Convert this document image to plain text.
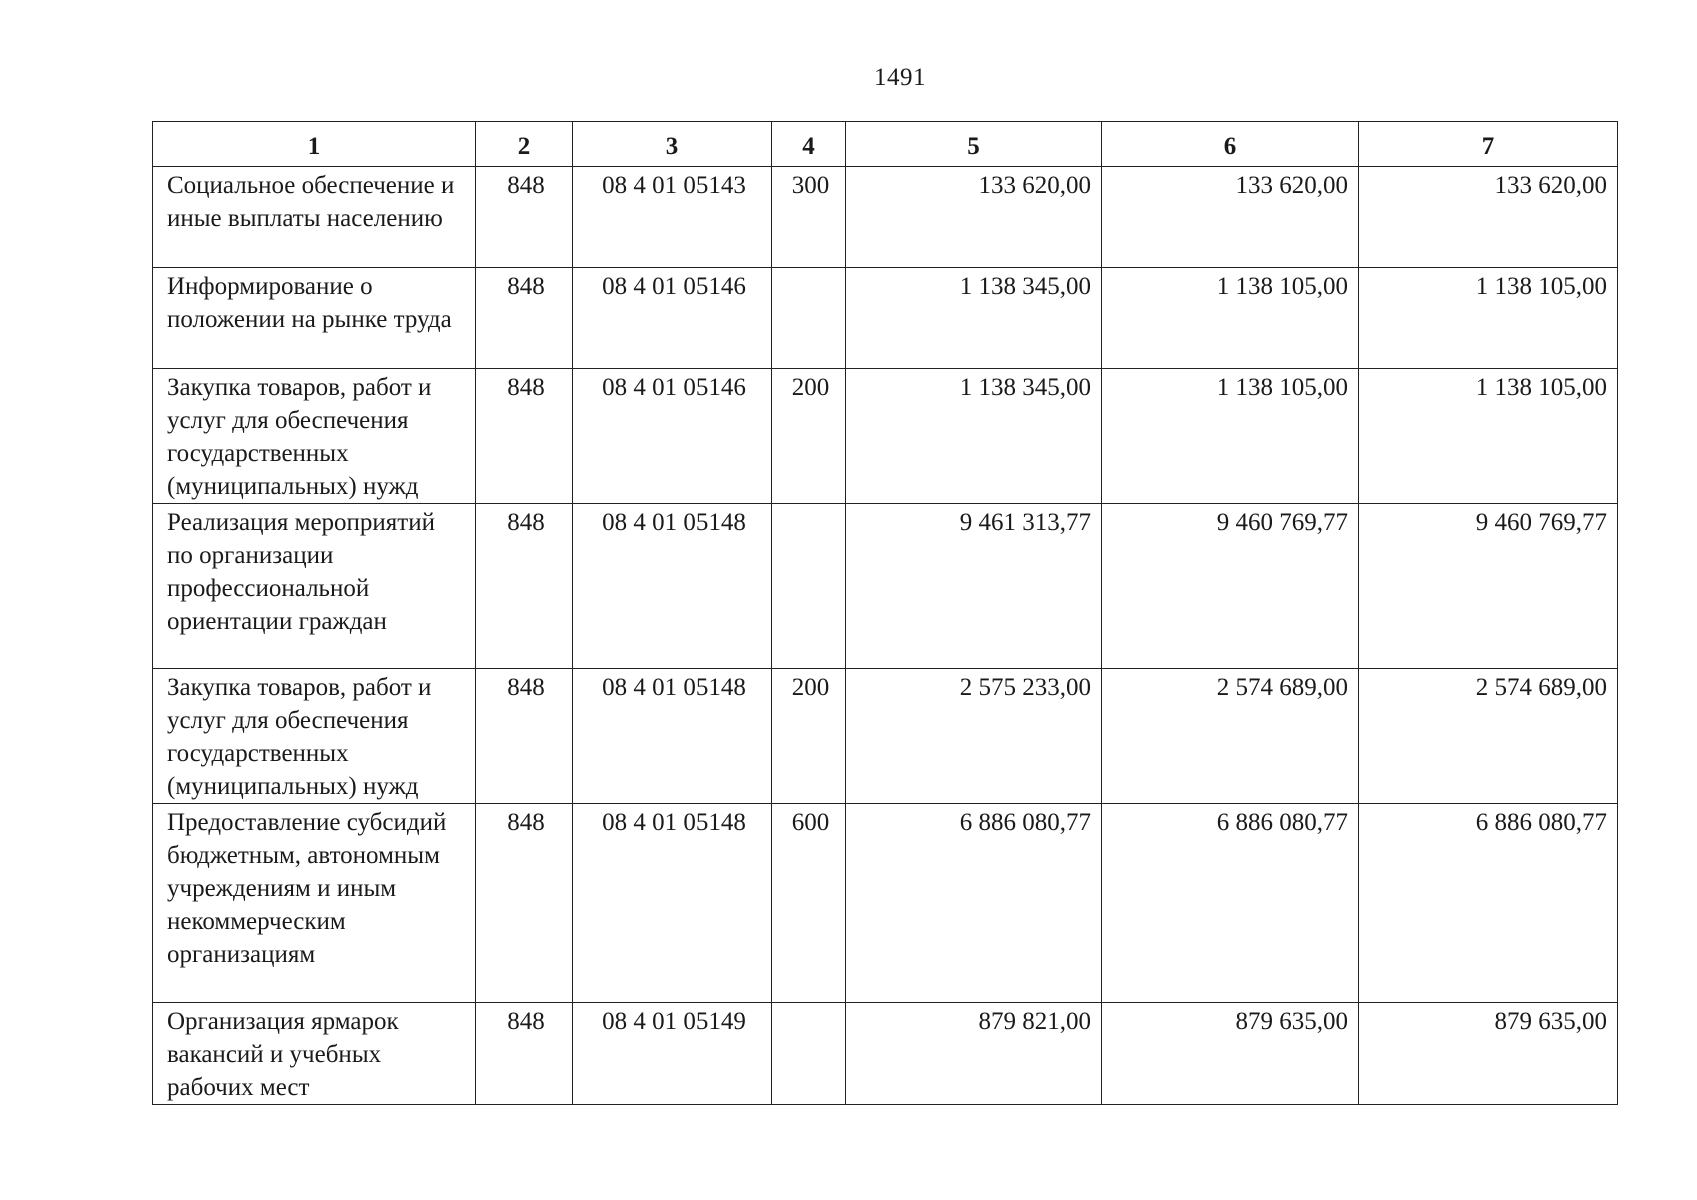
1491
1	2	3	4	5	6	7
Социальное обеспечение и иные выплаты населению	848	08 4 01 05143	300	133 620,00	133 620,00	133 620,00
Информирование о положении на рынке труда	848	08 4 01 05146		1 138 345,00	1 138 105,00	1 138 105,00
Закупка товаров, работ и услуг для обеспечения государственных (муниципальных) нужд	848	08 4 01 05146	200	1 138 345,00	1 138 105,00	1 138 105,00
Реализация мероприятий по организации профессиональной ориентации граждан	848	08 4 01 05148		9 461 313,77	9 460 769,77	9 460 769,77
Закупка товаров, работ и услуг для обеспечения государственных (муниципальных) нужд	848	08 4 01 05148	200	2 575 233,00	2 574 689,00	2 574 689,00
Предоставление субсидий бюджетным, автономным учреждениям и иным некоммерческим организациям	848	08 4 01 05148	600	6 886 080,77	6 886 080,77	6 886 080,77
Организация ярмарок вакансий и учебных рабочих мест	848	08 4 01 05149		879 821,00	879 635,00	879 635,00
